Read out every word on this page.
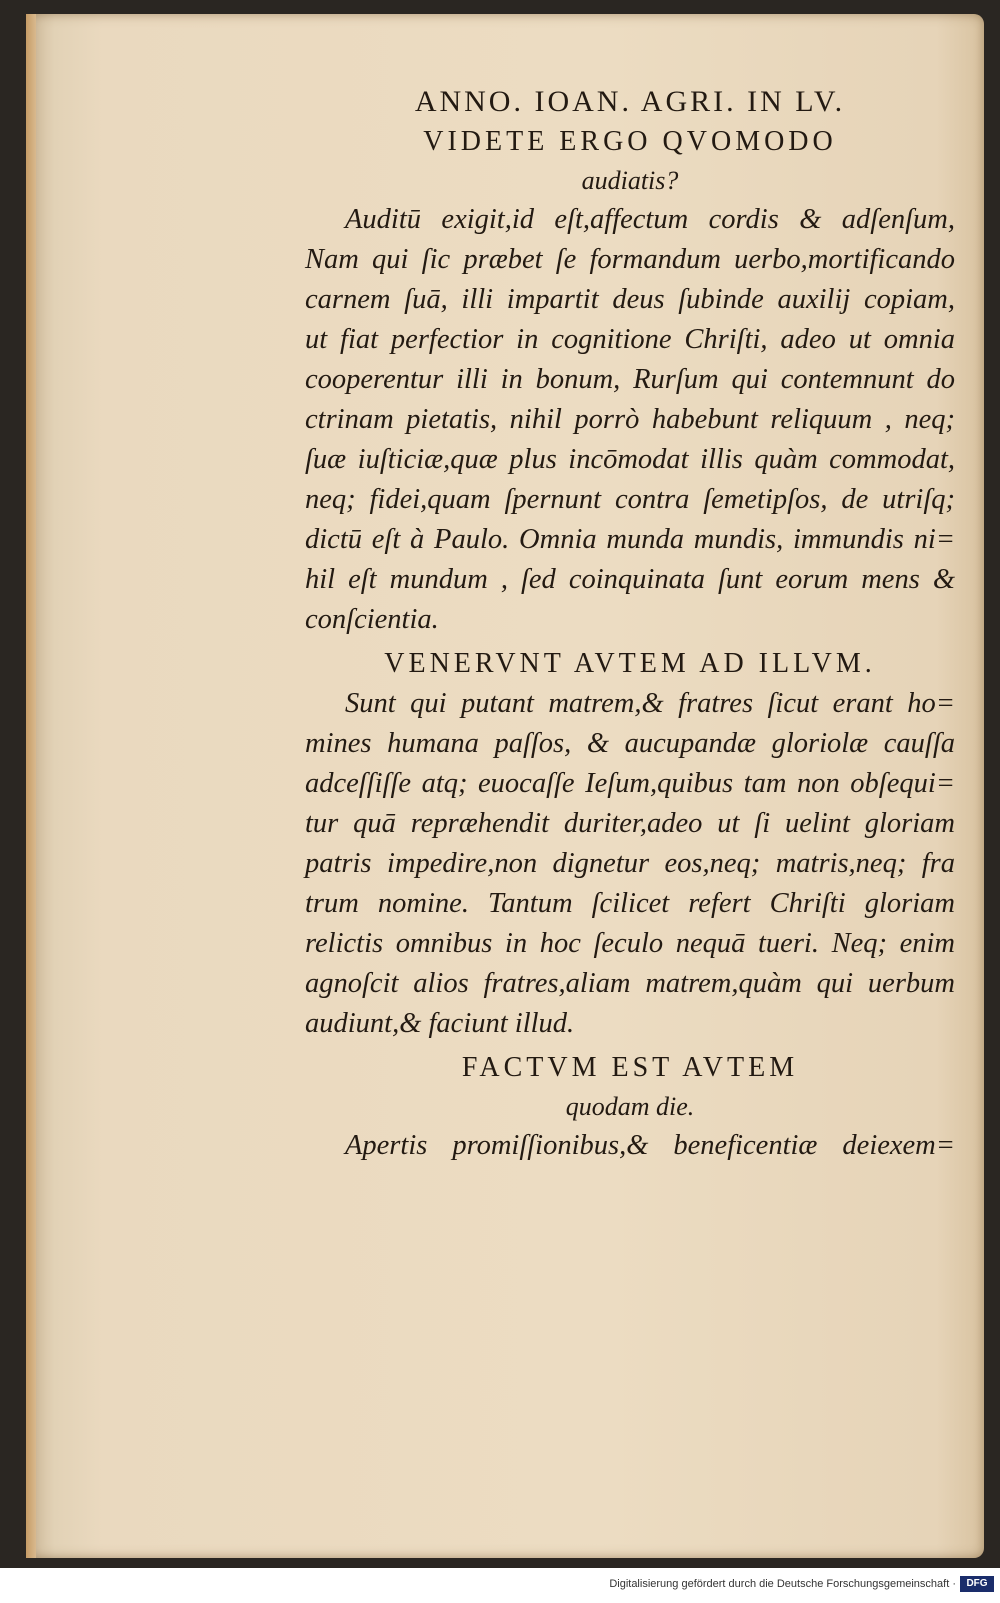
ANNO. IOAN. AGRI. IN LV.
VIDETE ERGO QVOMODO
audiatis?
Auditū exigit,id eſt,affectum cordis & adſenſum,
Nam qui ſic præbet ſe formandum uerbo,mortificando
carnem ſuā, illi impartit deus ſubinde auxilij copiam,
ut fiat perfectior in cognitione Chriſti, adeo ut omnia
cooperentur illi in bonum, Rurſum qui contemnunt do
ctrinam pietatis, nihil porrò habebunt reliquum , neq;
ſuæ iuſticiæ,quæ plus incōmodat illis quàm commodat,
neq; fidei,quam ſpernunt contra ſemetipſos, de utriſq;
dictū eſt à Paulo. Omnia munda mundis, immundis ni=
hil eſt mundum , ſed coinquinata ſunt eorum mens &
conſcientia.
VENERVNT AVTEM AD ILLVM.
Sunt qui putant matrem,& fratres ſicut erant ho=
mines humana paſſos, & aucupandæ gloriolæ cauſſa
adceſſiſſe atq; euocaſſe Ieſum,quibus tam non obſequi=
tur quā repræhendit duriter,adeo ut ſi uelint gloriam
patris impedire,non dignetur eos,neq; matris,neq; fra
trum nomine. Tantum ſcilicet refert Chriſti gloriam
relictis omnibus in hoc ſeculo nequā tueri. Neq; enim
agnoſcit alios fratres,aliam matrem,quàm qui uerbum
audiunt,& faciunt illud.
FACTVM EST AVTEM
quodam die.
Apertis promiſſionibus,& beneficentiæ deiexem=
Digitalisierung gefördert durch die Deutsche Forschungsgemeinschaft ·	DFG
